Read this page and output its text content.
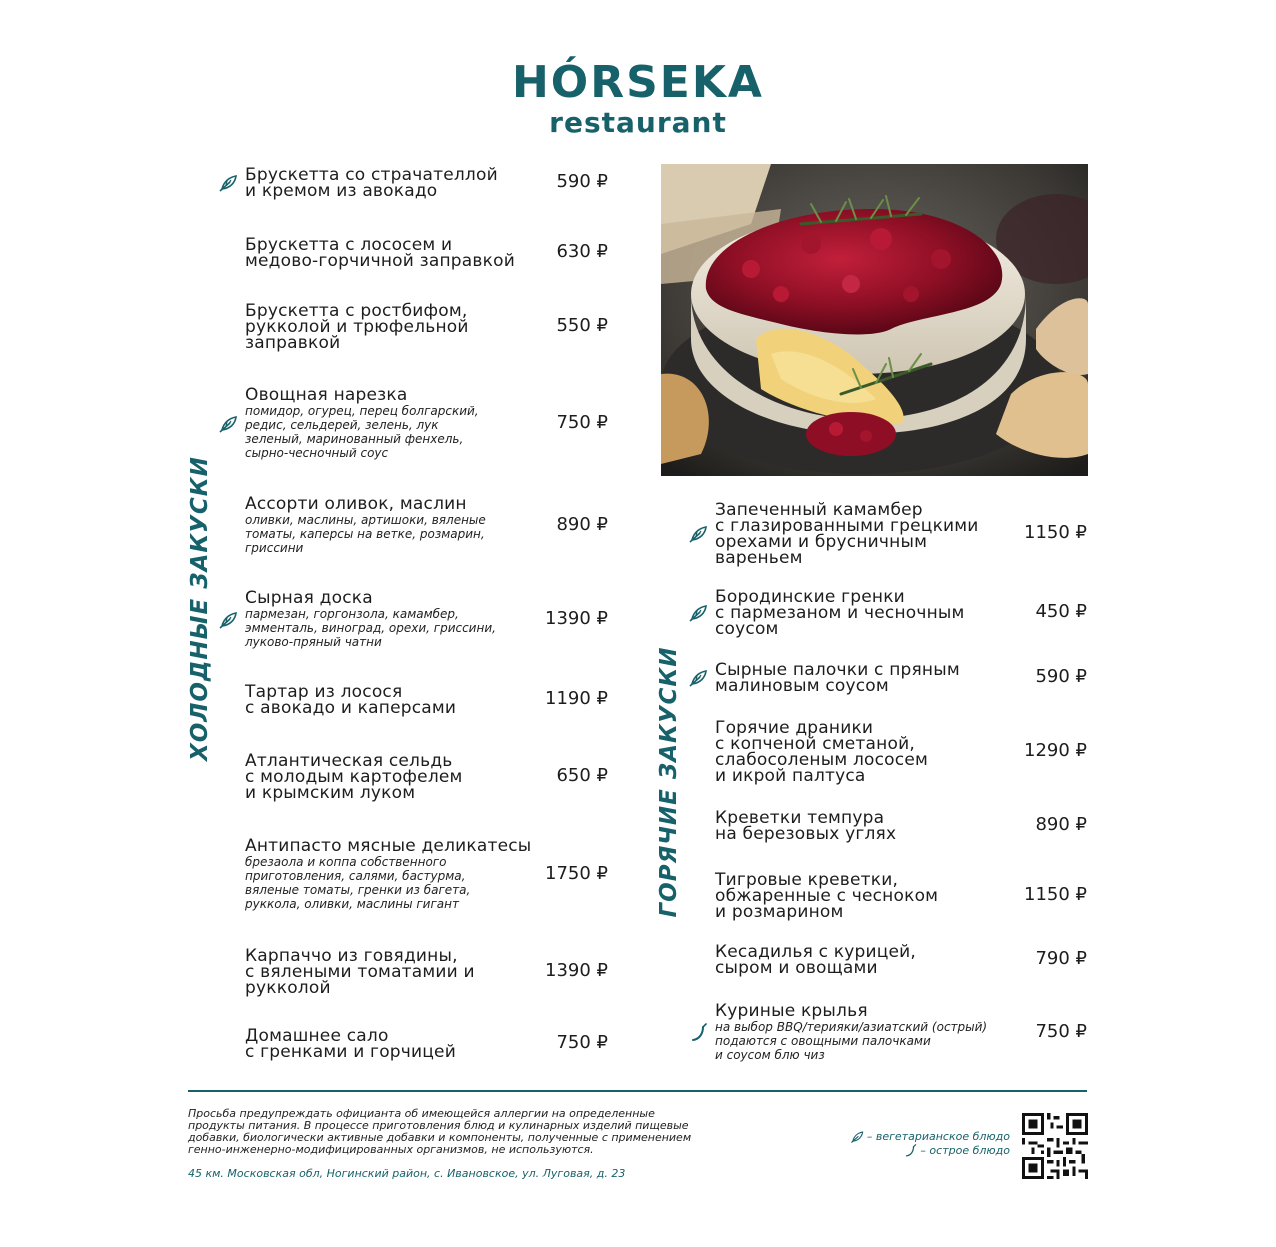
HÓRSEKA
restaurant
ХОЛОДНЫЕ ЗАКУСКИ
ГОРЯЧИЕ ЗАКУСКИ
Брускетта со страчателлой
и кремом из авокадо	590 ₽
Брускетта с лососем и
медово-горчичной заправкой	630 ₽
Брускетта с ростбифом,
рукколой и трюфельной
заправкой
550 ₽
Овощная нарезка
помидор, огурец, перец болгарский,
редис, сельдерей, зелень, лук
зеленый, маринованный фенхель,
сырно-чесночный соус
750 ₽
Ассорти оливок, маслин
оливки, маслины, артишоки, вяленые
томаты, каперсы на ветке, розмарин,
гриссини
890 ₽
Сырная доска
пармезан, горгонзола, камамбер,
эмменталь, виноград, орехи, гриссини,
луково-пряный чатни
1390 ₽
Тартар из лосося
с авокадо и каперсами	1190 ₽
Атлантическая сельдь
с молодым картофелем
и крымским луком
650 ₽
Антипасто мясные деликатесы
брезаола и коппа собственного
приготовления, салями, бастурма,
вяленые томаты, гренки из багета,
руккола, оливки, маслины гигант
1750 ₽
Карпаччо из говядины,
с вялеными томатамии и
рукколой
1390 ₽
Домашнее сало
с гренками и горчицей	750 ₽
Запеченный камамбер
с глазированными грецкими
орехами и брусничным
вареньем
1150 ₽
Бородинские гренки
с пармезаном и чесночным
соусом
450 ₽
Сырные палочки с пряным
малиновым соусом	590 ₽
Горячие драники
с копченой сметаной,
слабосоленым лососем
и икрой палтуса
1290 ₽
Креветки темпура
на березовых углях	890 ₽
Тигровые креветки,
обжаренные с чесноком
и розмарином
1150 ₽
Кесадилья с курицей,
сыром и овощами	790 ₽
Куриные крылья
на выбор BBQ/терияки/азиатский (острый)
подаются с овощными палочками
и соусом блю чиз
750 ₽
Просьба предупреждать официанта об имеющейся аллергии на определенные
продукты питания. В процессе приготовления блюд и кулинарных изделий пищевые
добавки, биологически активные добавки и компоненты, полученные с применением
генно-инженерно-модифицированных организмов, не используются.
45 км. Московская обл, Ногинский район, с. Ивановское, ул. Луговая, д. 23
– вегетарианское блюдо
– острое блюдо
